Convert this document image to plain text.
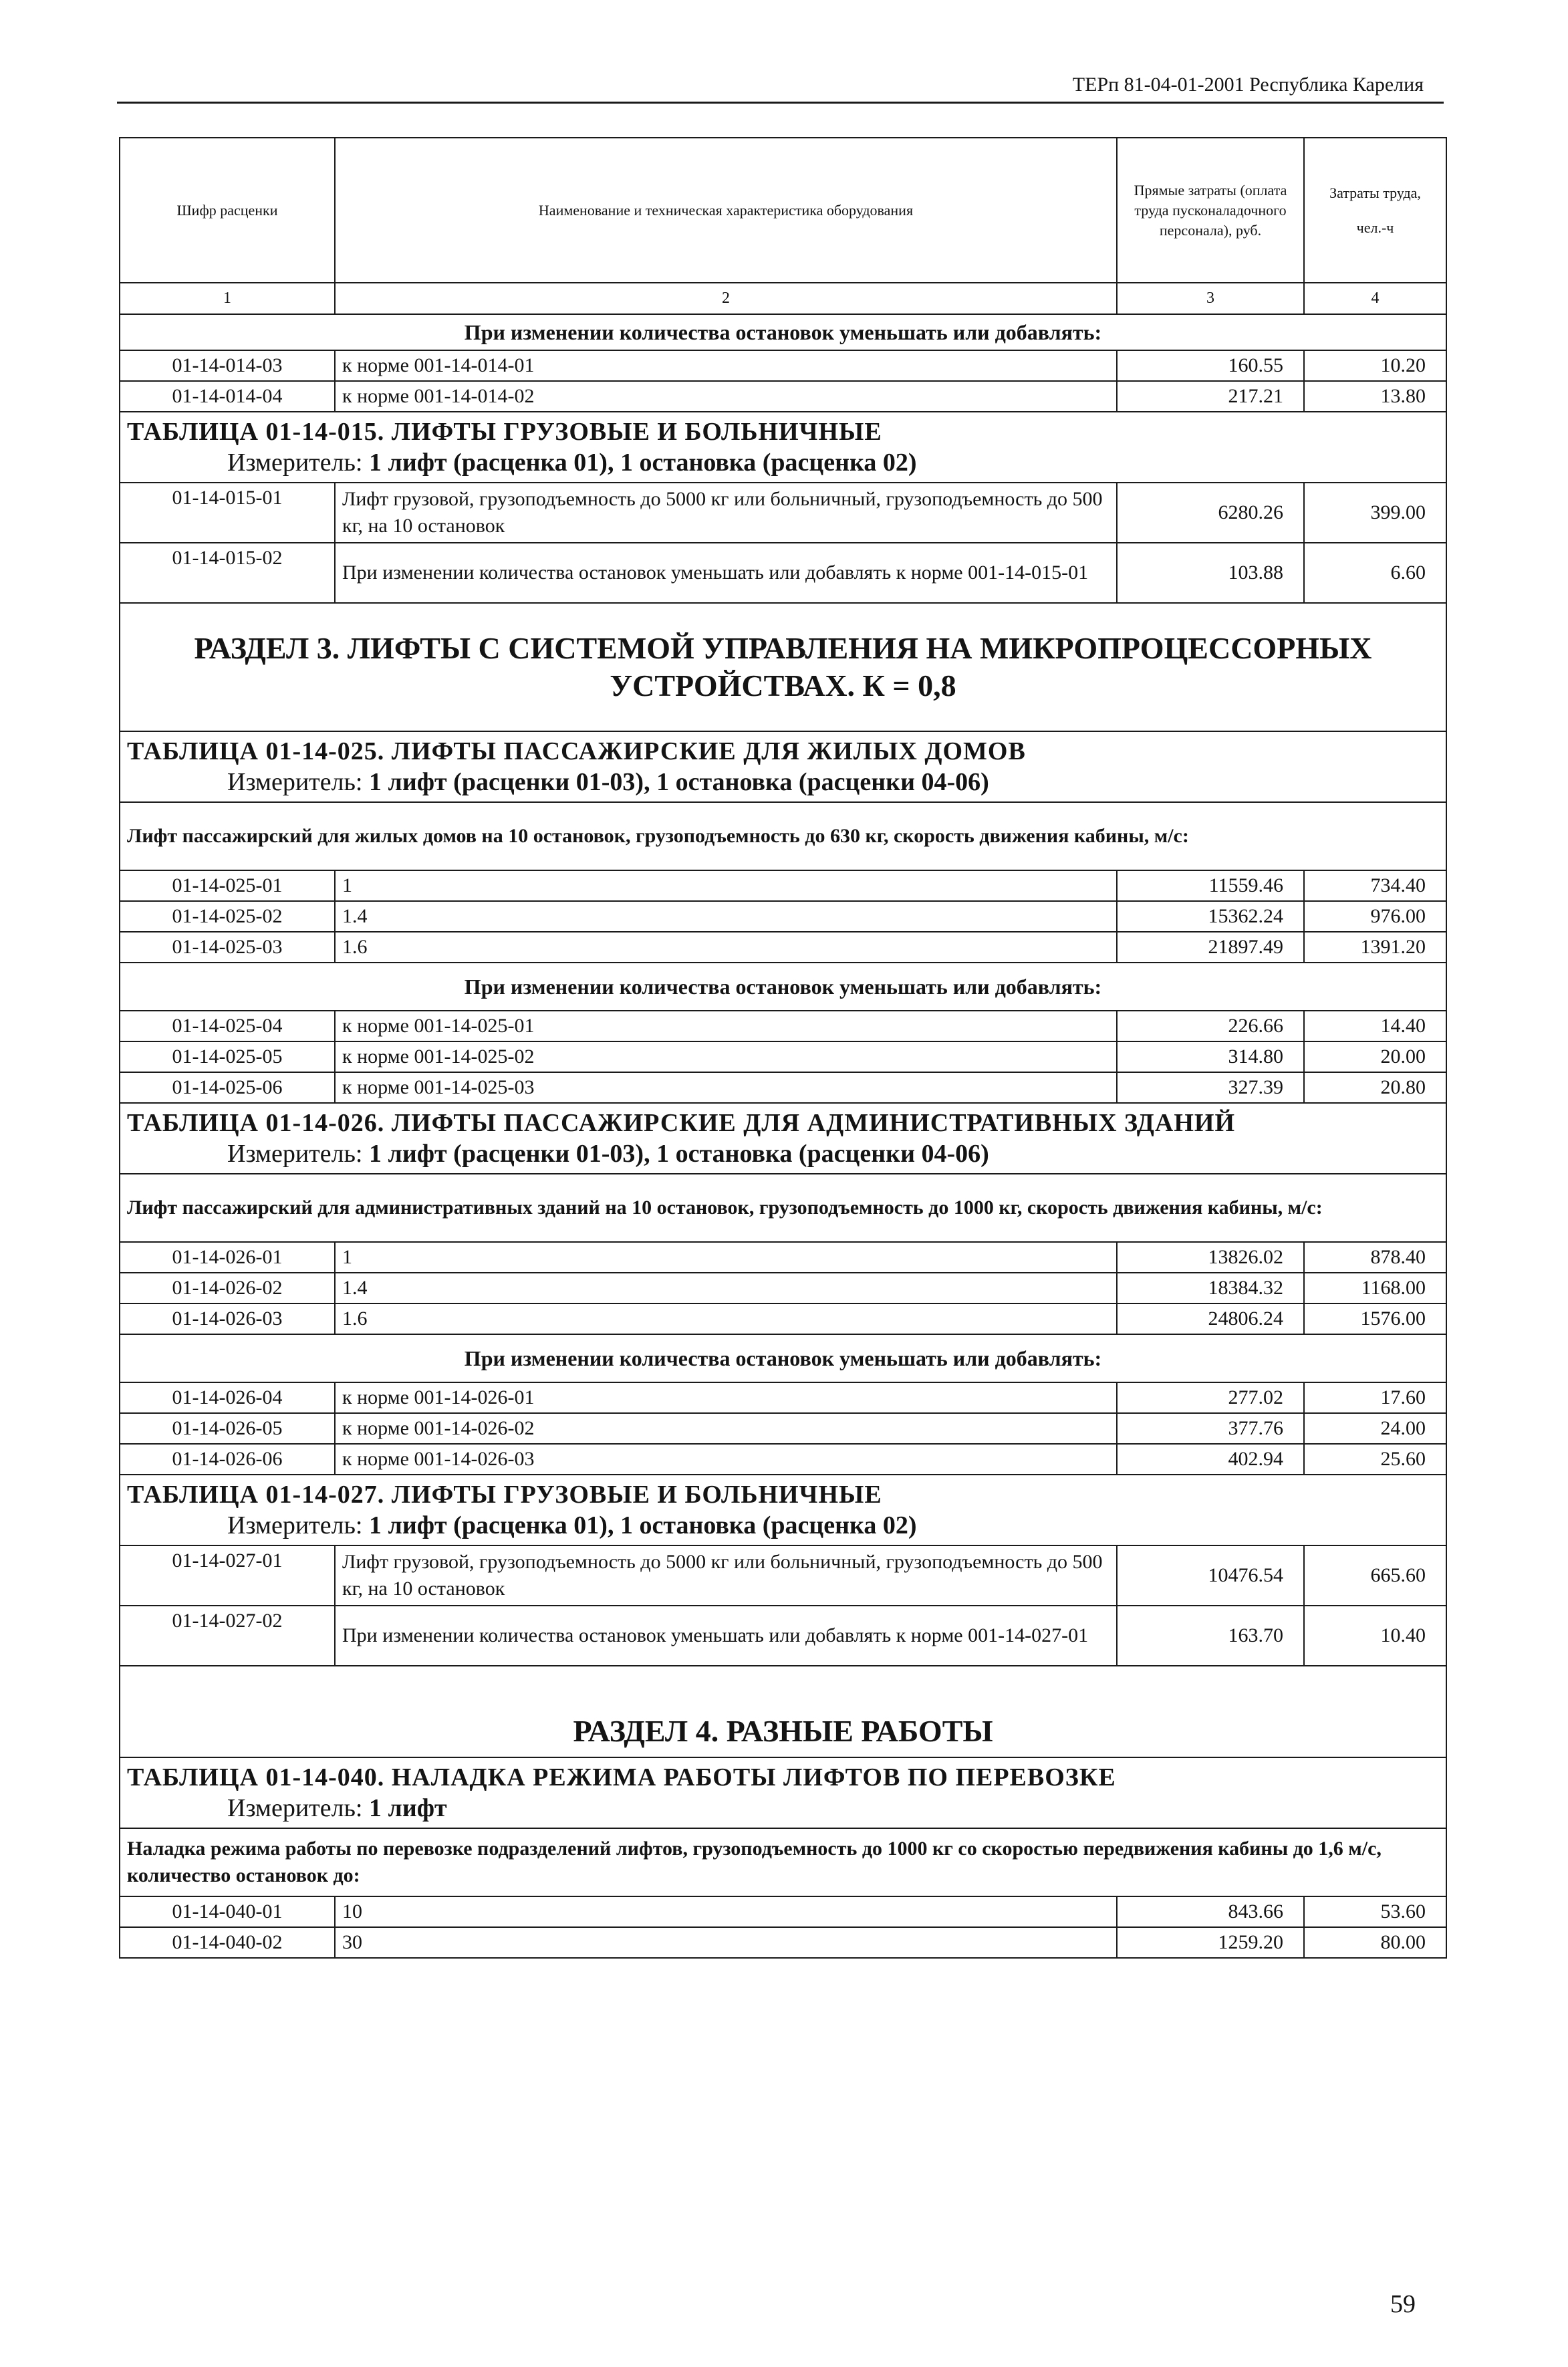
ТЕРп 81-04-01-2001 Республика Карелия
Шифр расценки	Наименование и техническая характеристика оборудования	Прямые затраты (оплата труда пусконаладочного персонала), руб.	Затраты труда,
чел.-ч

1	2	3	4
При изменении количества остановок уменьшать или добавлять:			
01-14-014-03	к норме 001-14-014-01	160.55	10.20
01-14-014-04	к норме 001-14-014-02	217.21	13.80

ТАБЛИЦА 01-14-015. ЛИФТЫ ГРУЗОВЫЕ И БОЛЬНИЧНЫЕ
Измеритель: 1 лифт (расценка 01), 1 остановка (расценка 02)			

01-14-015-01	Лифт грузовой, грузоподъемность до 5000 кг или больничный, грузоподъемность до 500 кг, на 10 остановок	6280.26	399.00
01-14-015-02	При изменении количества остановок уменьшать или добавлять к норме 001-14-015-01	103.88	6.60

РАЗДЕЛ 3. ЛИФТЫ С СИСТЕМОЙ УПРАВЛЕНИЯ НА МИКРОПРОЦЕССОРНЫХ
УСТРОЙСТВАХ. К = 0,8			

ТАБЛИЦА 01-14-025. ЛИФТЫ ПАССАЖИРСКИЕ ДЛЯ ЖИЛЫХ ДОМОВ
Измеритель: 1 лифт (расценки 01-03), 1 остановка (расценки 04-06)			

Лифт пассажирский для жилых домов на 10 остановок, грузоподъемность до 630 кг, скорость движения кабины, м/с:			
01-14-025-01	1	11559.46	734.40
01-14-025-02	1.4	15362.24	976.00
01-14-025-03	1.6	21897.49	1391.20
При изменении количества остановок уменьшать или добавлять:			
01-14-025-04	к норме 001-14-025-01	226.66	14.40
01-14-025-05	к норме 001-14-025-02	314.80	20.00
01-14-025-06	к норме 001-14-025-03	327.39	20.80

ТАБЛИЦА 01-14-026. ЛИФТЫ ПАССАЖИРСКИЕ ДЛЯ АДМИНИСТРАТИВНЫХ ЗДАНИЙ
Измеритель: 1 лифт (расценки 01-03), 1 остановка (расценки 04-06)			

Лифт пассажирский для административных зданий на 10 остановок, грузоподъемность до 1000 кг, скорость движения кабины, м/с:			
01-14-026-01	1	13826.02	878.40
01-14-026-02	1.4	18384.32	1168.00
01-14-026-03	1.6	24806.24	1576.00
При изменении количества остановок уменьшать или добавлять:			
01-14-026-04	к норме 001-14-026-01	277.02	17.60
01-14-026-05	к норме 001-14-026-02	377.76	24.00
01-14-026-06	к норме 001-14-026-03	402.94	25.60

ТАБЛИЦА 01-14-027. ЛИФТЫ ГРУЗОВЫЕ И БОЛЬНИЧНЫЕ
Измеритель: 1 лифт (расценка 01), 1 остановка (расценка 02)			

01-14-027-01	Лифт грузовой, грузоподъемность до 5000 кг или больничный, грузоподъемность до 500 кг, на 10 остановок	10476.54	665.60
01-14-027-02	При изменении количества остановок уменьшать или добавлять к норме 001-14-027-01	163.70	10.40
РАЗДЕЛ 4. РАЗНЫЕ РАБОТЫ			

ТАБЛИЦА 01-14-040. НАЛАДКА РЕЖИМА РАБОТЫ ЛИФТОВ ПО ПЕРЕВОЗКЕ
Измеритель: 1 лифт			

Наладка режима работы по перевозке подразделений лифтов, грузоподъемность до 1000 кг со скоростью передвижения кабины до 1,6 м/с, количество остановок до:			
01-14-040-01	10	843.66	53.60
01-14-040-02	30	1259.20	80.00
59
